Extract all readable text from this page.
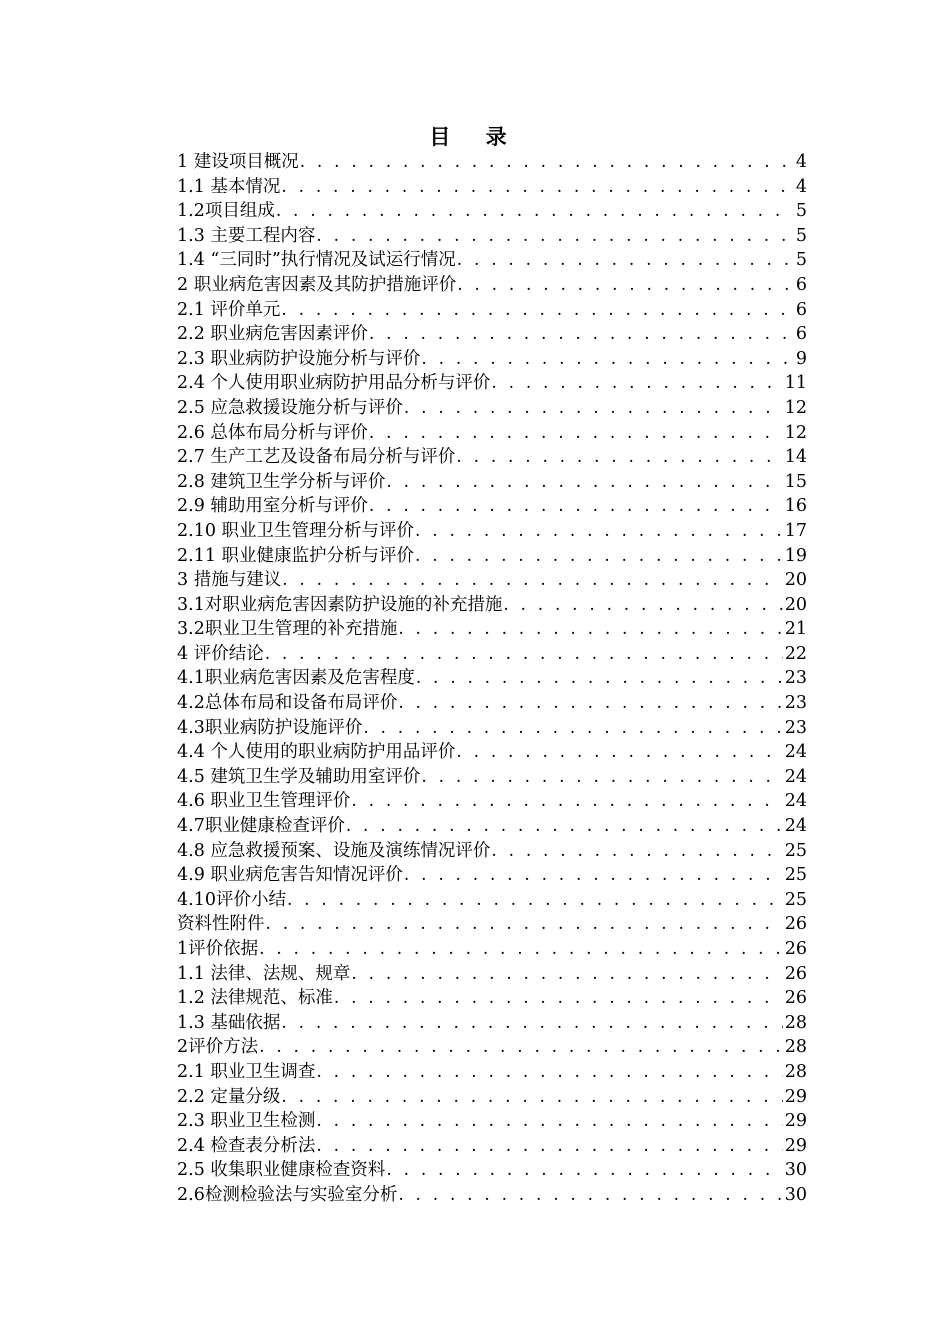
目 录
1 建设项目概况 . . .	4
1.1 基本情况 . . .	4
1.2项目组成 . . .	5
1.3 主要工程内容 . . .	5
1.4 “三同时”执行情况及试运行情况 . . .	5
2 职业病危害因素及其防护措施评价 . . .	6
2.1 评价单元 . . .	6
2.2 职业病危害因素评价 . . .	6
2.3 职业病防护设施分析与评价 . . .	9
2.4 个人使用职业病防护用品分析与评价 . . .	11
2.5 应急救援设施分析与评价 . . .	12
2.6 总体布局分析与评价 . . .	12
2.7 生产工艺及设备布局分析与评价 . . .	14
2.8 建筑卫生学分析与评价 . . .	15
2.9 辅助用室分析与评价 . . .	16
2.10 职业卫生管理分析与评价 . . .	17
2.11 职业健康监护分析与评价 . . .	19
3 措施与建议 . . .	20
3.1对职业病危害因素防护设施的补充措施 . . .	20
3.2职业卫生管理的补充措施 . . .	21
4 评价结论 . . .	22
4.1职业病危害因素及危害程度 . . .	23
4.2总体布局和设备布局评价 . . .	23
4.3职业病防护设施评价 . . .	23
4.4 个人使用的职业病防护用品评价 . . .	24
4.5 建筑卫生学及辅助用室评价 . . .	24
4.6 职业卫生管理评价 . . .	24
4.7职业健康检查评价 . . .	24
4.8 应急救援预案、设施及演练情况评价 . . .	25
4.9 职业病危害告知情况评价 . . .	25
4.10评价小结 . . .	25
资料性附件 . . .	26
1评价依据 . . .	26
1.1 法律、法规、规章 . . .	26
1.2 法律规范、标准 . . .	26
1.3 基础依据 . . .	28
2评价方法 . . .	28
2.1 职业卫生调查 . . .	28
2.2 定量分级 . . .	29
2.3 职业卫生检测 . . .	29
2.4 检查表分析法 . . .	29
2.5 收集职业健康检查资料 . . .	30
2.6检测检验法与实验室分析 . . .	30
